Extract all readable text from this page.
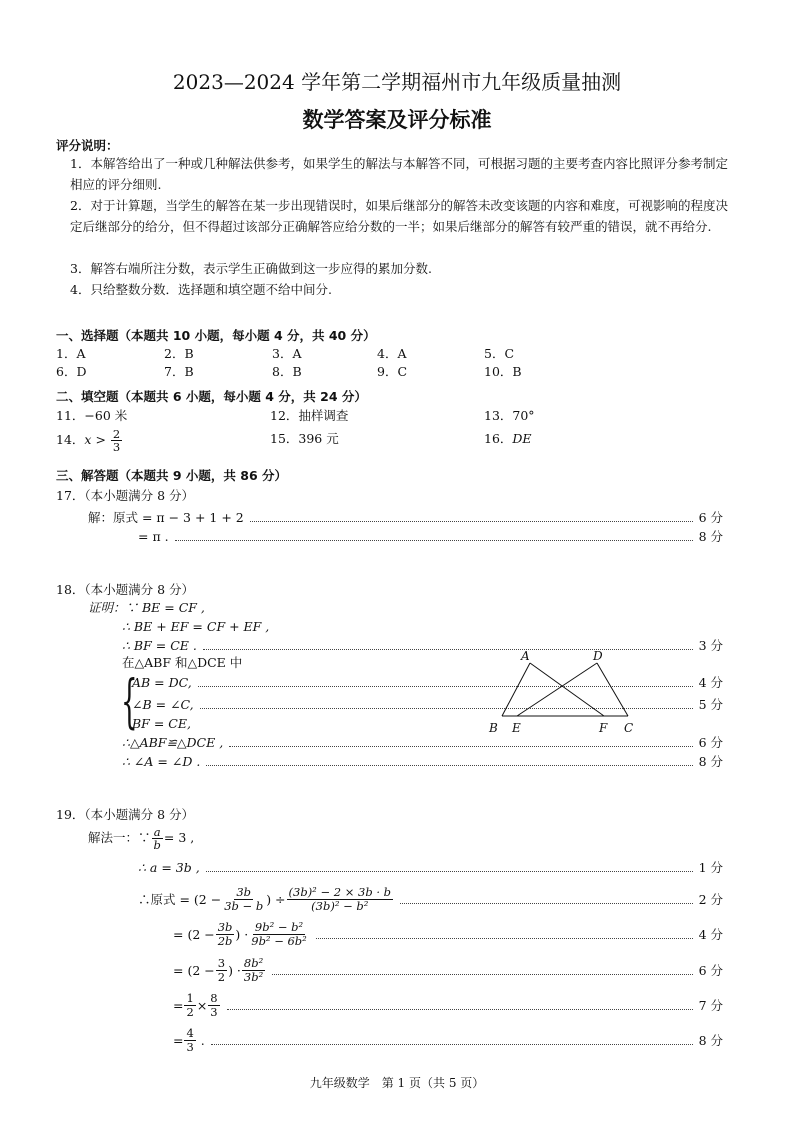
2023—2024 学年第二学期福州市九年级质量抽测
数学答案及评分标准
评分说明：
1．本解答给出了一种或几种解法供参考，如果学生的解法与本解答不同，可根据习题的主要考查内容比照评分参考制定相应的评分细则.
2．对于计算题，当学生的解答在某一步出现错误时，如果后继部分的解答未改变该题的内容和难度，可视影响的程度决定后继部分的给分，但不得超过该部分正确解答应给分数的一半；如果后继部分的解答有较严重的错误，就不再给分.
3．解答右端所注分数，表示学生正确做到这一步应得的累加分数.
4．只给整数分数．选择题和填空题不给中间分.
一、选择题（本题共 10 小题，每小题 4 分，共 40 分）
1．A	2．B	3．A	4．A	5．C
6．D	7．B	8．B	9．C	10．B
二、填空题（本题共 6 小题，每小题 4 分，共 24 分）
11．−60 米	12．抽样调查	13．70°
14． $x > \frac{2}{3}$	15．396 元	16．DE
三、解答题（本题共 9 小题，共 86 分）
17．（本小题满分 8 分）
解：原式 = π − 3 + 1 + 2	6 分
= π .	8 分
18．（本小题满分 8 分）
证明：∵ BE = CF ,
∴ BE + EF = CF + EF ,
∴ BF = CE .	3 分
在△ABF 和△DCE 中
{
AB = DC,	4 分
∠B = ∠C,	5 分
BF = CE,
∴△ABF≌△DCE ,	6 分
∴ ∠A = ∠D .	8 分
A	D
B E	F C
19．（本小题满分 8 分）
解法一：∵ $\frac{a}{b} = 3$ ,
∴ a = 3b ,	1 分
∴原式 = ($2 - \frac{3b}{3b - b}$ ) ÷ $\frac{\text{(3b)² − 2 × 3b · b}}{\text{(3b)² − b²}}$	2 分
= ($2 - \frac{3b}{2b}$ ) · $\frac{\text{9b² − b²}}{\text{9b² − 6b²}}$	4 分
= ($2 - \frac{3}{2}$ ) · $\frac{\text{8b²}}{\text{3b²}}$	6 分
= $\frac{1}{2} \times \frac{8}{3}$	7 分
= $\frac{4}{3}$ .	8 分
九年级数学　第 1 页（共 5 页）
